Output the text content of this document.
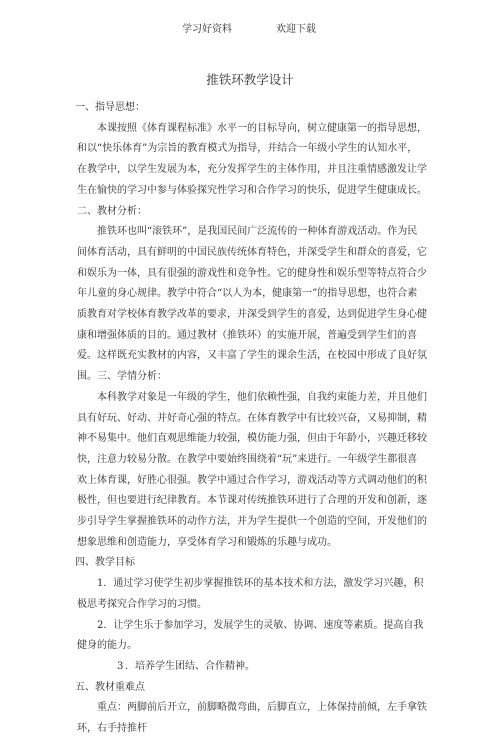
学习好资料	欢迎下载
推铁环教学设计

一、指导思想：

本课按照《体育课程标准》水平一的目标导向，树立健康第一的指导思想，和以“快乐体育”为宗旨的教育模式为指导，并结合一年级小学生的认知水平，在教学中，以学生发展为本，充分发挥学生的主体作用，并且注重情感激发让学生在愉快的学习中参与体验探究性学习和合作学习的快乐，促进学生健康成长。二、教材分析：

推铁环也叫“滚铁环”，是我国民间广泛流传的一种体育游戏活动。作为民间体育活动，具有鲜明的中国民族传统体育特色，并深受学生和群众的喜爱，它和娱乐为一体，具有很强的游戏性和竞争性。它的健身性和娱乐型等特点符合少年儿童的身心规律。教学中符合“以人为本，健康第一”的指导思想，也符合素

质教育对学校体育教学改革的要求，并深受到学生的喜爱，达到促进学生身心健康和增强体质的目的。通过教材（推铁环）的实施开展，普遍受到学生们的喜爱。这样既充实教材的内容，又丰富了学生的课余生活，在校园中形成了良好氛围。三、学情分析：

本科教学对象是一年级的学生，他们依赖性强，自我约束能力差，并且他们具有好玩、好动、并好奇心强的特点。在体育教学中有比较兴奋，又易抑制，精神不易集中。他们直观思维能力较强，模仿能力强，但由于年龄小，兴趣迁移较快，注意力较易分散。在教学中要始终围绕着“玩”来进行。一年级学生都很喜欢上体育课，好胜心很强。教学中通过合作学习，游戏活动等方式调动他们的积极性，但也要进行纪律教育。本节课对传统推铁环进行了合理的开发和创新，逐

步引导学生掌握推铁环的动作方法，并为学生提供一个创造的空间，开发他们的想象思维和创造能力，享受体育学习和锻炼的乐趣与成功。

四、教学目标

1．通过学习使学生初步掌握推铁环的基本技术和方法，激发学习兴趣，积极思考探究合作学习的习惯。

2．让学生乐于参加学习，发展学生的灵敏、协调、速度等素质。提高自我健身的能力。

3 ．培养学生团结、合作精神。

五、教材重难点

重点：两脚前后开立，前脚略微弯曲，后脚直立，上体保持前倾，左手拿铁环，右手持推杆
